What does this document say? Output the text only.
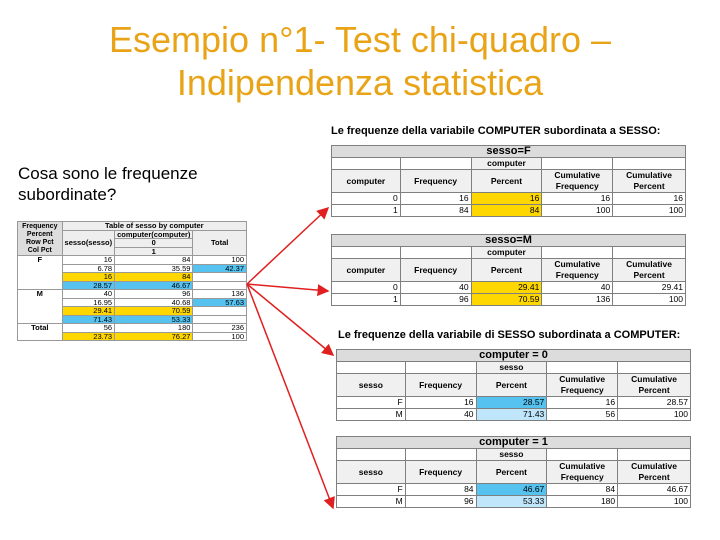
Esempio n°1- Test chi-quadro –
Indipendenza statistica
Le frequenze della variabile COMPUTER subordinata a SESSO:
Cosa sono le frequenze
subordinate?
Frequency
Percent
Row Pct
Col Pct	Table of sesso by computer		
	sesso(sesso)	computer(computer)	Total
		0	
		1	
F	16	84	100
	6.78	35.59	42.37
	16	84	
	28.57	46.67	
M	40	96	136
	16.95	40.68	57.63
	29.41	70.59	
	71.43	53.33	
Total	56	180	236
	23.73	76.27	100
sesso=F				
		computer		
computer	Frequency	Percent	Cumulative Frequency	Cumulative Percent
0	16	16	16	16
1	84	84	100	100
sesso=M				
		computer		
computer	Frequency	Percent	Cumulative Frequency	Cumulative Percent
0	40	29.41	40	29.41
1	96	70.59	136	100
Le frequenze della variabile di SESSO subordinata a COMPUTER:
computer = 0				
		sesso		
sesso	Frequency	Percent	Cumulative Frequency	Cumulative Percent
F	16	28.57	16	28.57
M	40	71.43	56	100
computer = 1				
		sesso		
sesso	Frequency	Percent	Cumulative Frequency	Cumulative Percent
F	84	46.67	84	46.67
M	96	53.33	180	100
